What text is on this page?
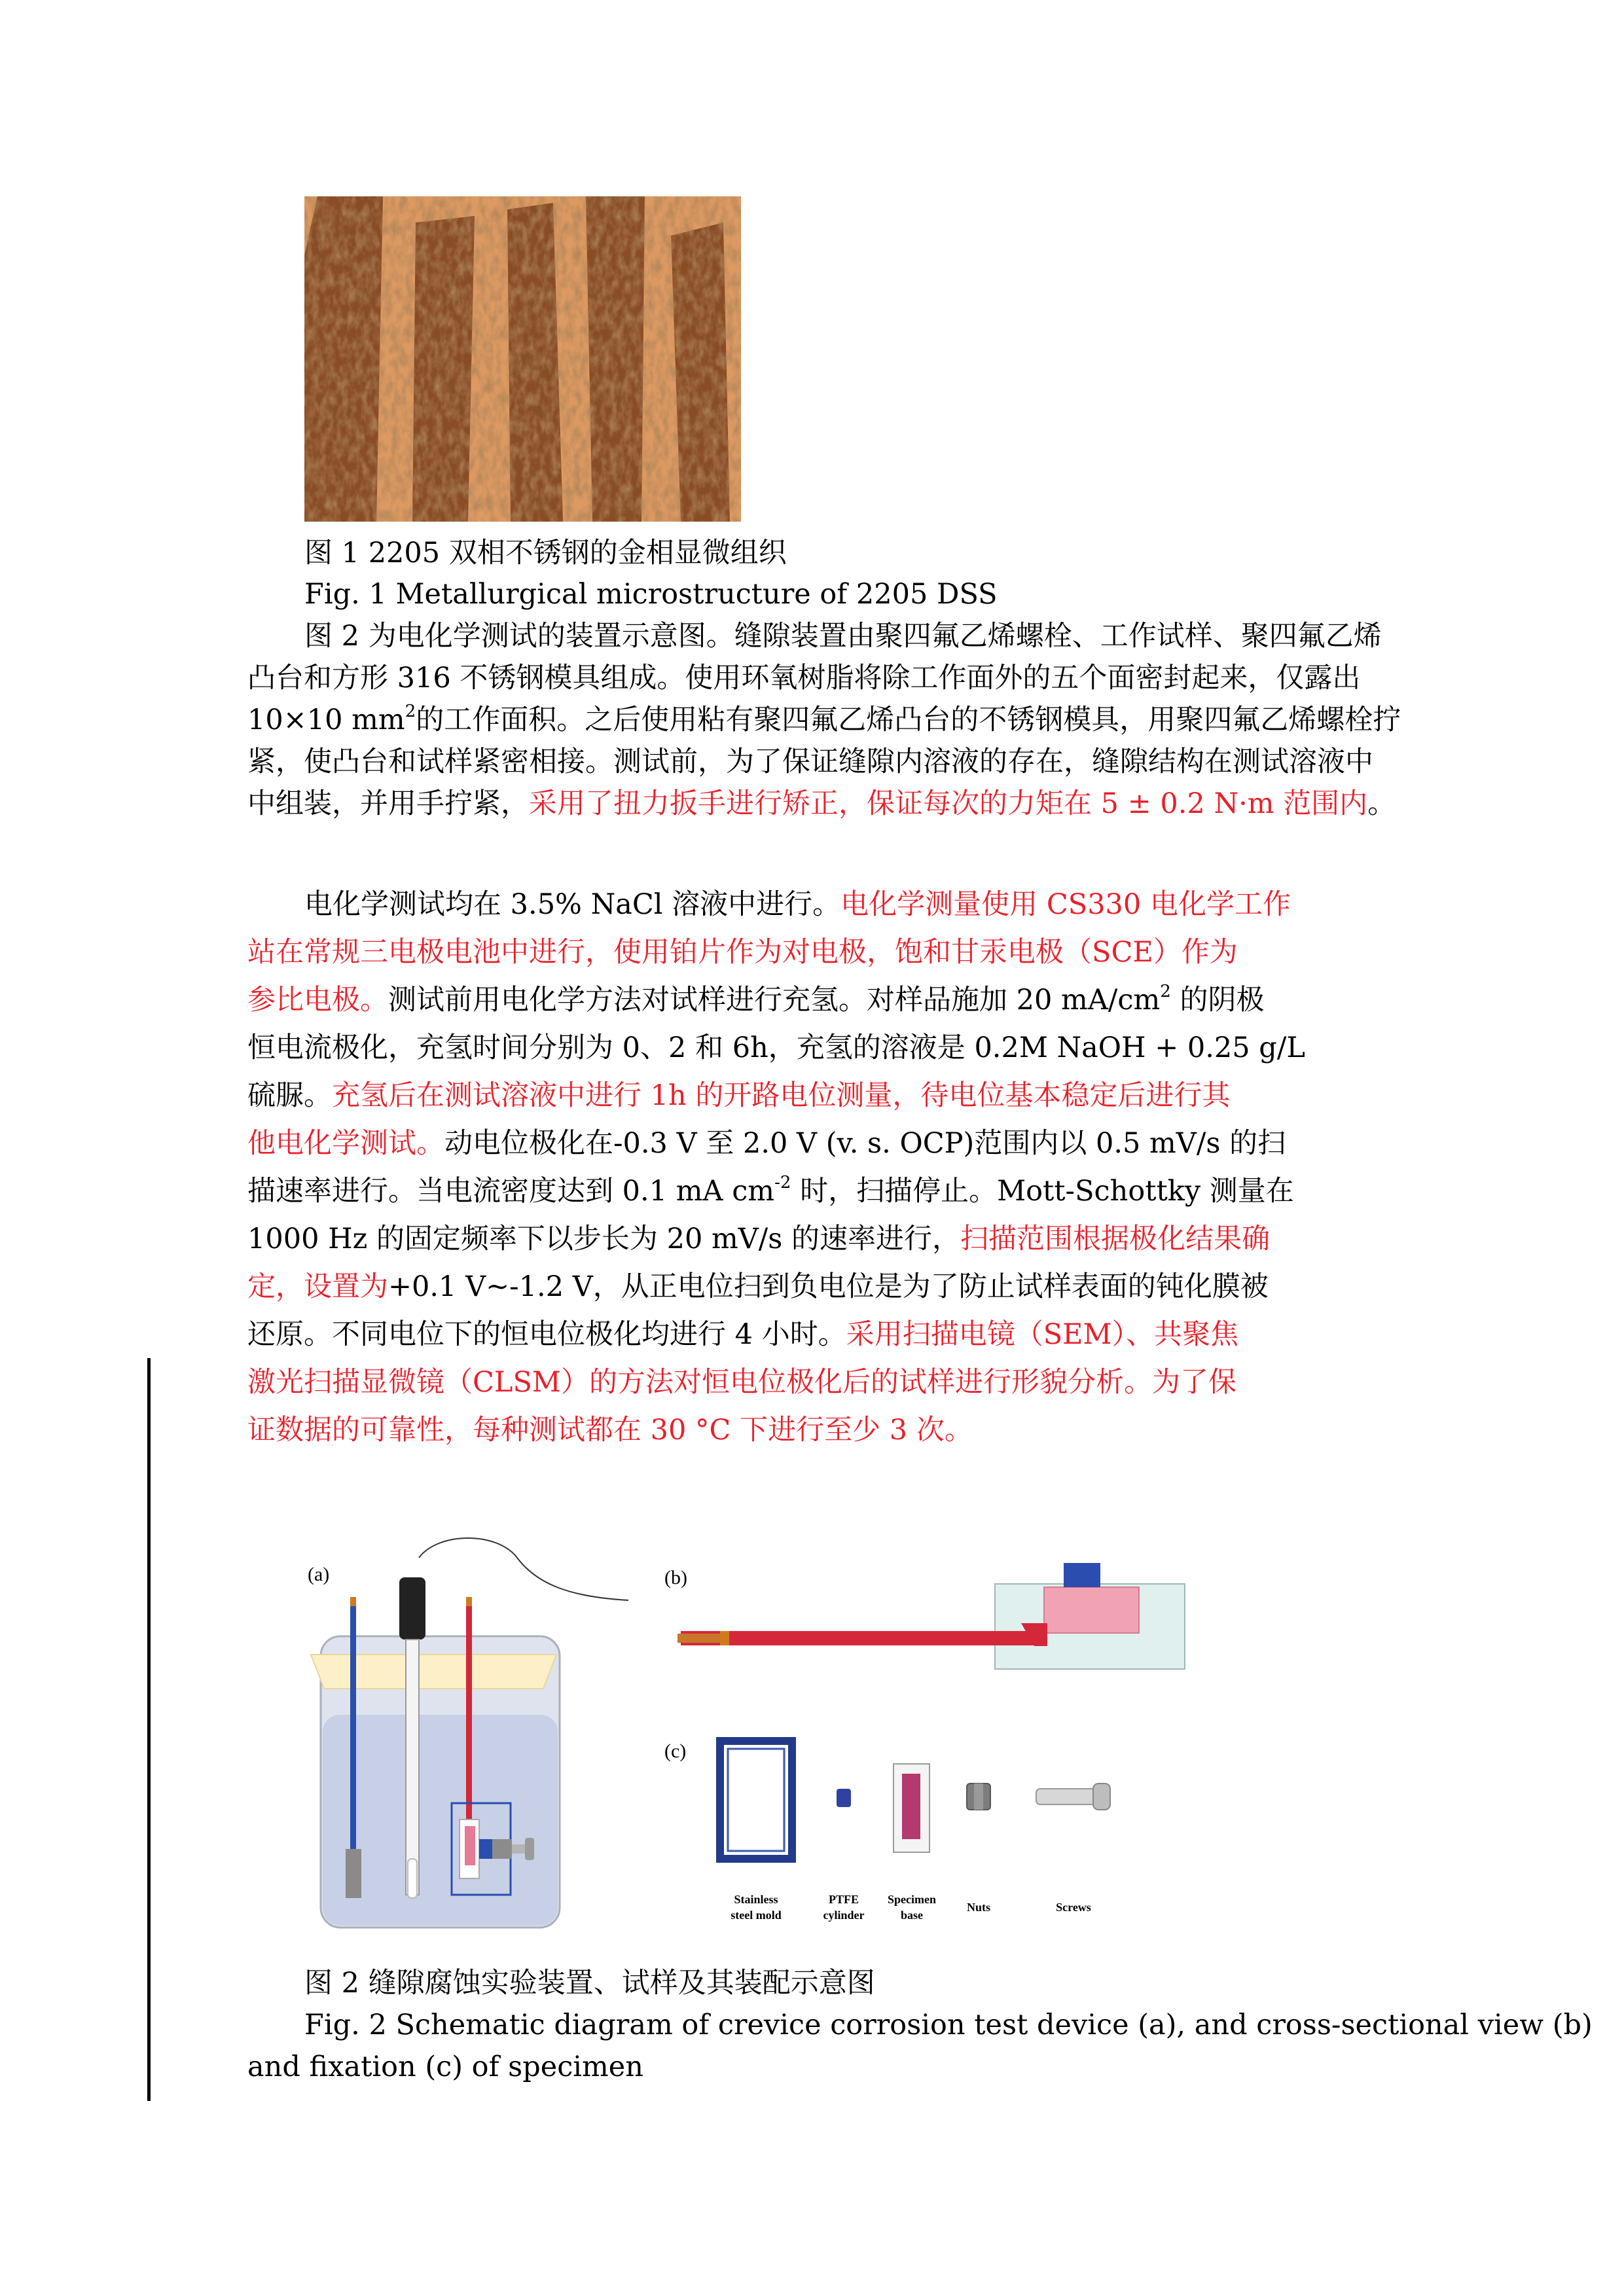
图 1 2205 双相不锈钢的金相显微组织
Fig. 1 Metallurgical microstructure of 2205 DSS
图 2 为电化学测试的装置示意图。缝隙装置由聚四氟乙烯螺栓、工作试样、聚四氟乙烯
凸台和方形 316 不锈钢模具组成。使用环氧树脂将除工作面外的五个面密封起来，仅露出
10×10 $mm^2$的工作面积。之后使用粘有聚四氟乙烯凸台的不锈钢模具，用聚四氟乙烯螺栓拧
紧，使凸台和试样紧密相接。测试前，为了保证缝隙内溶液的存在，缝隙结构在测试溶液中
中组装，并用手拧紧，采用了扭力扳手进行矫正，保证每次的力矩在 5 ± 0.2 N·m 范围内。
电化学测试均在 3.5% NaCl 溶液中进行。电化学测量使用 CS330 电化学工作
站在常规三电极电池中进行，使用铂片作为对电极，饱和甘汞电极（SCE）作为
参比电极。测试前用电化学方法对试样进行充氢。对样品施加 20 $mA/cm^2$ 的阴极
恒电流极化，充氢时间分别为 0、2 和 6h，充氢的溶液是 0.2M NaOH + 0.25 g/L
硫脲。充氢后在测试溶液中进行 1h 的开路电位测量，待电位基本稳定后进行其
他电化学测试。动电位极化在-0.3 V 至 2.0 V (v. s. OCP)范围内以 0.5 mV/s 的扫
描速率进行。当电流密度达到 0.1 mA $cm^{-2}$ 时，扫描停止。Mott-Schottky 测量在
1000 Hz 的固定频率下以步长为 20 mV/s 的速率进行，扫描范围根据极化结果确
定，设置为+0.1 V~-1.2 V，从正电位扫到负电位是为了防止试样表面的钝化膜被
还原。不同电位下的恒电位极化均进行 4 小时。采用扫描电镜（SEM）、共聚焦
激光扫描显微镜（CLSM）的方法对恒电位极化后的试样进行形貌分析。为了保
证数据的可靠性，每种测试都在 30 °C 下进行至少 3 次。
(a)	(b)
(c)
Stainless
steel mold
PTFE
cylinder
Specimen
base
Nuts	Screws
图 2 缝隙腐蚀实验装置、试样及其装配示意图
Fig. 2 Schematic diagram of crevice corrosion test device (a), and cross-sectional view (b)
and fixation (c) of specimen
